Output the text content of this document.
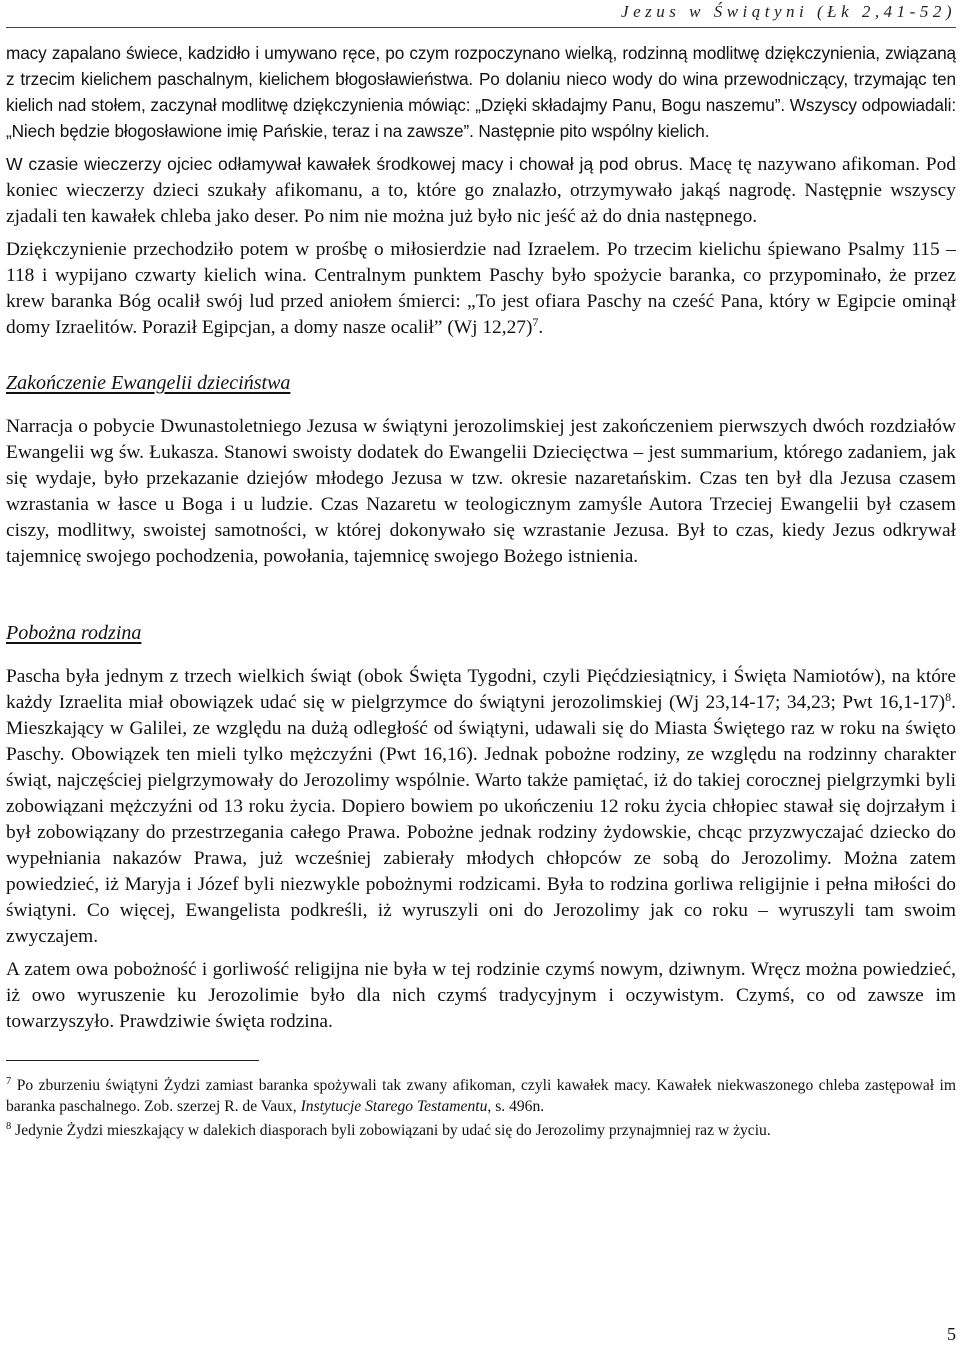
Jezus w Świątyni (Łk 2,41-52)

macy zapalano świece, kadzidło i umywano ręce, po czym rozpoczynano wielką, rodzinną modlitwę dziękczynienia, związaną z trzecim kielichem paschalnym, kielichem błogosławieństwa. Po dolaniu nieco wody do wina przewodniczący, trzymając ten kielich nad stołem, zaczynał modlitwę dziękczynienia mówiąc: „Dzięki składajmy Panu, Bogu naszemu”. Wszyscy odpowiadali: „Niech będzie błogosławione imię Pańskie, teraz i na zawsze”. Następnie pito wspólny kielich.

W czasie wieczerzy ojciec odłamywał kawałek środkowej macy i chował ją pod obrus. Macę tę nazywano afikoman. Pod koniec wieczerzy dzieci szukały afikomanu, a to, które go znalazło, otrzymywało jakąś nagrodę. Następnie wszyscy zjadali ten kawałek chleba jako deser. Po nim nie można już było nic jeść aż do dnia następnego.

Dziękczynienie przechodziło potem w prośbę o miłosierdzie nad Izraelem. Po trzecim kielichu śpiewano Psalmy 115 – 118 i wypijano czwarty kielich wina. Centralnym punktem Paschy było spożycie baranka, co przypominało, że przez krew baranka Bóg ocalił swój lud przed aniołem śmierci: „To jest ofiara Paschy na cześć Pana, który w Egipcie ominął domy Izraelitów. Poraził Egipcjan, a domy nasze ocalił” (Wj 12,27)$^7$.

Zakończenie Ewangelii dzieciństwa

Narracja o pobycie Dwunastoletniego Jezusa w świątyni jerozolimskiej jest zakończeniem pierwszych dwóch rozdziałów Ewangelii wg św. Łukasza. Stanowi swoisty dodatek do Ewangelii Dziecięctwa – jest summarium, którego zadaniem, jak się wydaje, było przekazanie dziejów młodego Jezusa w tzw. okresie nazaretańskim. Czas ten był dla Jezusa czasem wzrastania w łasce u Boga i u ludzie. Czas Nazaretu w teologicznym zamyśle Autora Trzeciej Ewangelii był czasem ciszy, modlitwy, swoistej samotności, w której dokonywało się wzrastanie Jezusa. Był to czas, kiedy Jezus odkrywał tajemnicę swojego pochodzenia, powołania, tajemnicę swojego Bożego istnienia.

Pobożna rodzina

Pascha była jednym z trzech wielkich świąt (obok Święta Tygodni, czyli Pięćdziesiątnicy, i Święta Namiotów), na które każdy Izraelita miał obowiązek udać się w pielgrzymce do świątyni jerozolimskiej (Wj 23,14-17; 34,23; Pwt 16,1-17)$^8$. Mieszkający w Galilei, ze względu na dużą odległość od świątyni, udawali się do Miasta Świętego raz w roku na święto Paschy. Obowiązek ten mieli tylko mężczyźni (Pwt 16,16). Jednak pobożne rodziny, ze względu na rodzinny charakter świąt, najczęściej pielgrzymowały do Jerozolimy wspólnie. Warto także pamiętać, iż do takiej corocznej pielgrzymki byli zobowiązani mężczyźni od 13 roku życia. Dopiero bowiem po ukończeniu 12 roku życia chłopiec stawał się dojrzałym i był zobowiązany do przestrzegania całego Prawa. Pobożne jednak rodziny żydowskie, chcąc przyzwyczajać dziecko do wypełniania nakazów Prawa, już wcześniej zabierały młodych chłopców ze sobą do Jerozolimy. Można zatem powiedzieć, iż Maryja i Józef byli niezwykle pobożnymi rodzicami. Była to rodzina gorliwa religijnie i pełna miłości do świątyni. Co więcej, Ewangelista podkreśli, iż wyruszyli oni do Jerozolimy jak co roku – wyruszyli tam swoim zwyczajem.

A zatem owa pobożność i gorliwość religijna nie była w tej rodzinie czymś nowym, dziwnym. Wręcz można powiedzieć, iż owo wyruszenie ku Jerozolimie było dla nich czymś tradycyjnym i oczywistym. Czymś, co od zawsze im towarzyszyło. Prawdziwie święta rodzina.

$^7$ Po zburzeniu świątyni Żydzi zamiast baranka spożywali tak zwany afikoman, czyli kawałek macy. Kawałek niekwaszonego chleba zastępował im baranka paschalnego. Zob. szerzej R. de Vaux, Instytucje Starego Testamentu, s. 496n.

$^8$ Jedynie Żydzi mieszkający w dalekich diasporach byli zobowiązani by udać się do Jerozolimy przynajmniej raz w życiu.

5
